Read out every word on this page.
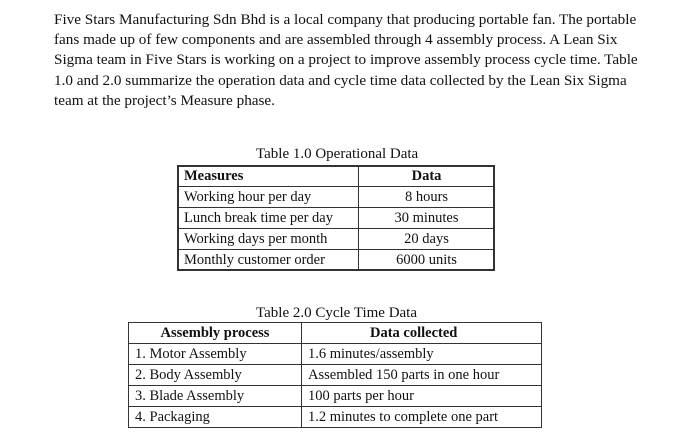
Five Stars Manufacturing Sdn Bhd is a local company that producing portable fan. The portable fans made up of few components and are assembled through 4 assembly process. A Lean Six Sigma team in Five Stars is working on a project to improve assembly process cycle time. Table 1.0 and 2.0 summarize the operation data and cycle time data collected by the Lean Six Sigma team at the project’s Measure phase.

Table 1.0 Operational Data
Measures	Data
Working hour per day	8 hours
Lunch break time per day	30 minutes
Working days per month	20 days
Monthly customer order	6000 units
Table 2.0 Cycle Time Data
Assembly process	Data collected
1. Motor Assembly	1.6 minutes/assembly
2. Body Assembly	Assembled 150 parts in one hour
3. Blade Assembly	100 parts per hour
4. Packaging	1.2 minutes to complete one part
